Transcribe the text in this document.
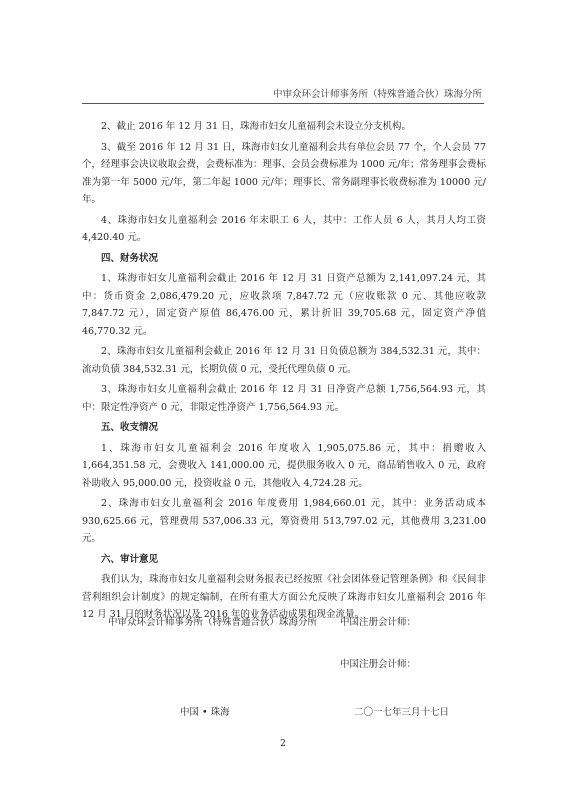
中审众环会计师事务所（特殊普通合伙）珠海分所

2、截止 2016 年 12 月 31 日，珠海市妇女儿童福利会未设立分支机构。

3、截至 2016 年 12 月 31 日，珠海市妇女儿童福利会共有单位会员 77 个，个人会员 77 个，经理事会决议收取会费，会费标准为：理事、会员会费标准为 1000 元/年；常务理事会费标准为第一年 5000 元/年，第二年起 1000 元/年；理事长、常务副理事长收费标准为 10000 元/年。

4、珠海市妇女儿童福利会 2016 年末职工 6 人，其中：工作人员 6 人，其月人均工资 4,420.40 元。

四、财务状况

1、珠海市妇女儿童福利会截止 2016 年 12 月 31 日资产总额为 2,141,097.24 元，其中：货币资金 2,086,479.20 元，应收款项 7,847.72 元（应收账款 0 元、其他应收款 7,847.72 元），固定资产原值 86,476.00 元，累计折旧 39,705.68 元，固定资产净值 46,770.32 元。

2、珠海市妇女儿童福利会截止 2016 年 12 月 31 日负债总额为 384,532.31 元，其中：流动负债 384,532.31 元，长期负债 0 元，受托代理负债 0 元。

3、珠海市妇女儿童福利会截止 2016 年 12 月 31 日净资产总额 1,756,564.93 元，其中：限定性净资产 0 元，非限定性净资产 1,756,564.93 元。

五、收支情况

1、珠海市妇女儿童福利会 2016 年度收入 1,905,075.86 元，其中：捐赠收入 1,664,351.58 元，会费收入 141,000.00 元，提供服务收入 0 元，商品销售收入 0 元，政府补助收入 95,000.00 元，投资收益 0 元，其他收入 4,724.28 元。

2、珠海市妇女儿童福利会 2016 年度费用 1,984,660.01 元，其中：业务活动成本 930,625.66 元，管理费用 537,006.33 元，筹资费用 513,797.02 元，其他费用 3,231.00 元。

六、审计意见

我们认为，珠海市妇女儿童福利会财务报表已经按照《社会团体登记管理条例》和《民间非营利组织会计制度》的规定编制，在所有重大方面公允反映了珠海市妇女儿童福利会 2016 年 12 月 31 日的财务状况以及 2016 年的业务活动成果和现金流量。

中审众环会计师事务所（特殊普通合伙）珠海分所 中国注册会计师：
中国注册会计师：
中国 • 珠海	二〇一七年三月十七日
2
